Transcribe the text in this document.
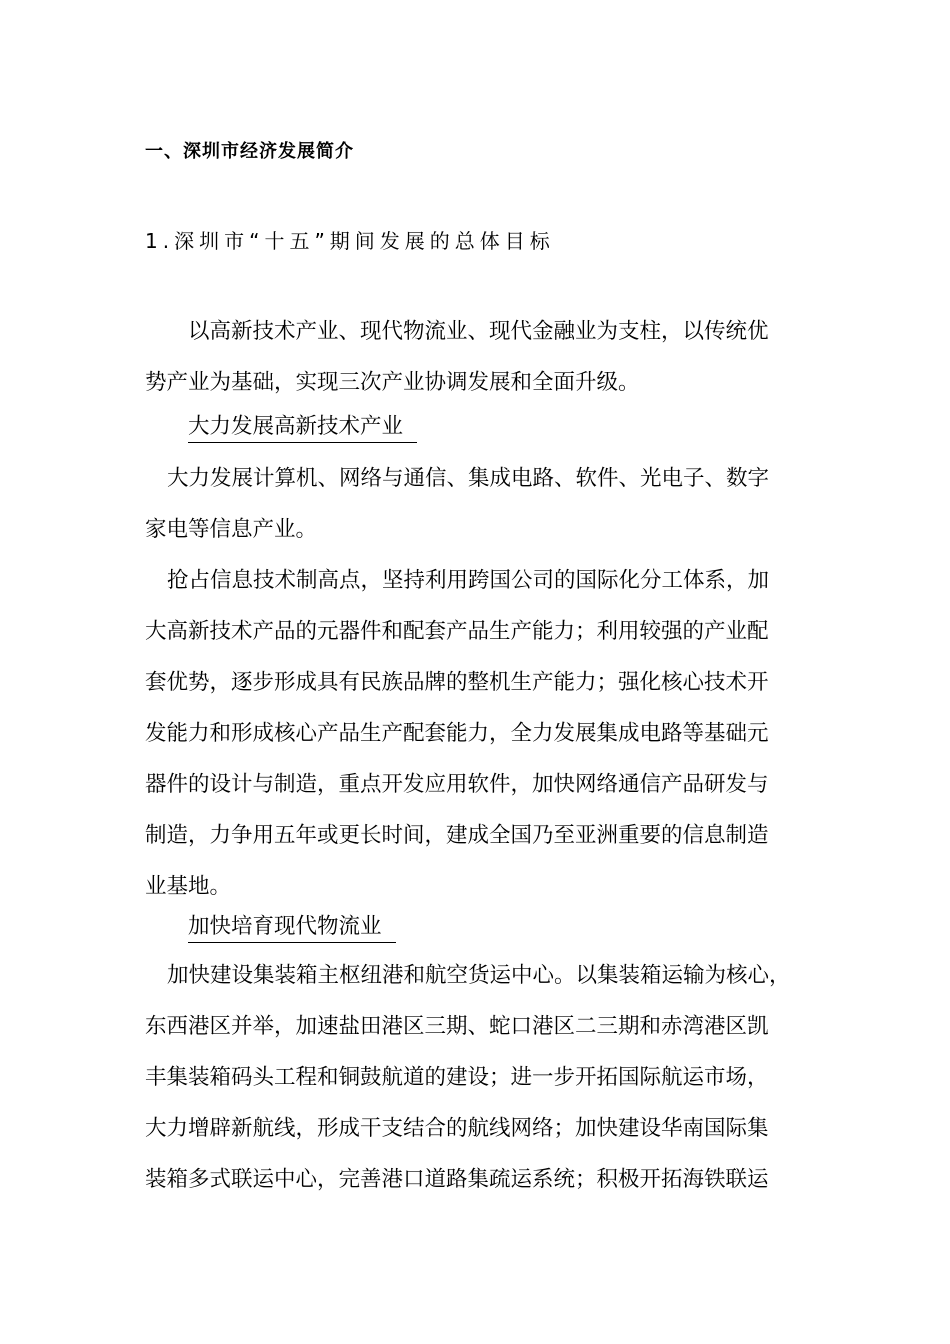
一、深圳市经济发展简介
1.深圳市“十五”期间发展的总体目标
以高新技术产业、现代物流业、现代金融业为支柱，以传统优
势产业为基础，实现三次产业协调发展和全面升级。
大力发展高新技术产业
大力发展计算机、网络与通信、集成电路、软件、光电子、数字
家电等信息产业。
抢占信息技术制高点，坚持利用跨国公司的国际化分工体系，加
大高新技术产品的元器件和配套产品生产能力；利用较强的产业配
套优势，逐步形成具有民族品牌的整机生产能力；强化核心技术开
发能力和形成核心产品生产配套能力，全力发展集成电路等基础元
器件的设计与制造，重点开发应用软件，加快网络通信产品研发与
制造，力争用五年或更长时间，建成全国乃至亚洲重要的信息制造
业基地。
加快培育现代物流业
加快建设集装箱主枢纽港和航空货运中心。以集装箱运输为核心，
东西港区并举，加速盐田港区三期、蛇口港区二三期和赤湾港区凯
丰集装箱码头工程和铜鼓航道的建设；进一步开拓国际航运市场，
大力增辟新航线，形成干支结合的航线网络；加快建设华南国际集
装箱多式联运中心，完善港口道路集疏运系统；积极开拓海铁联运
